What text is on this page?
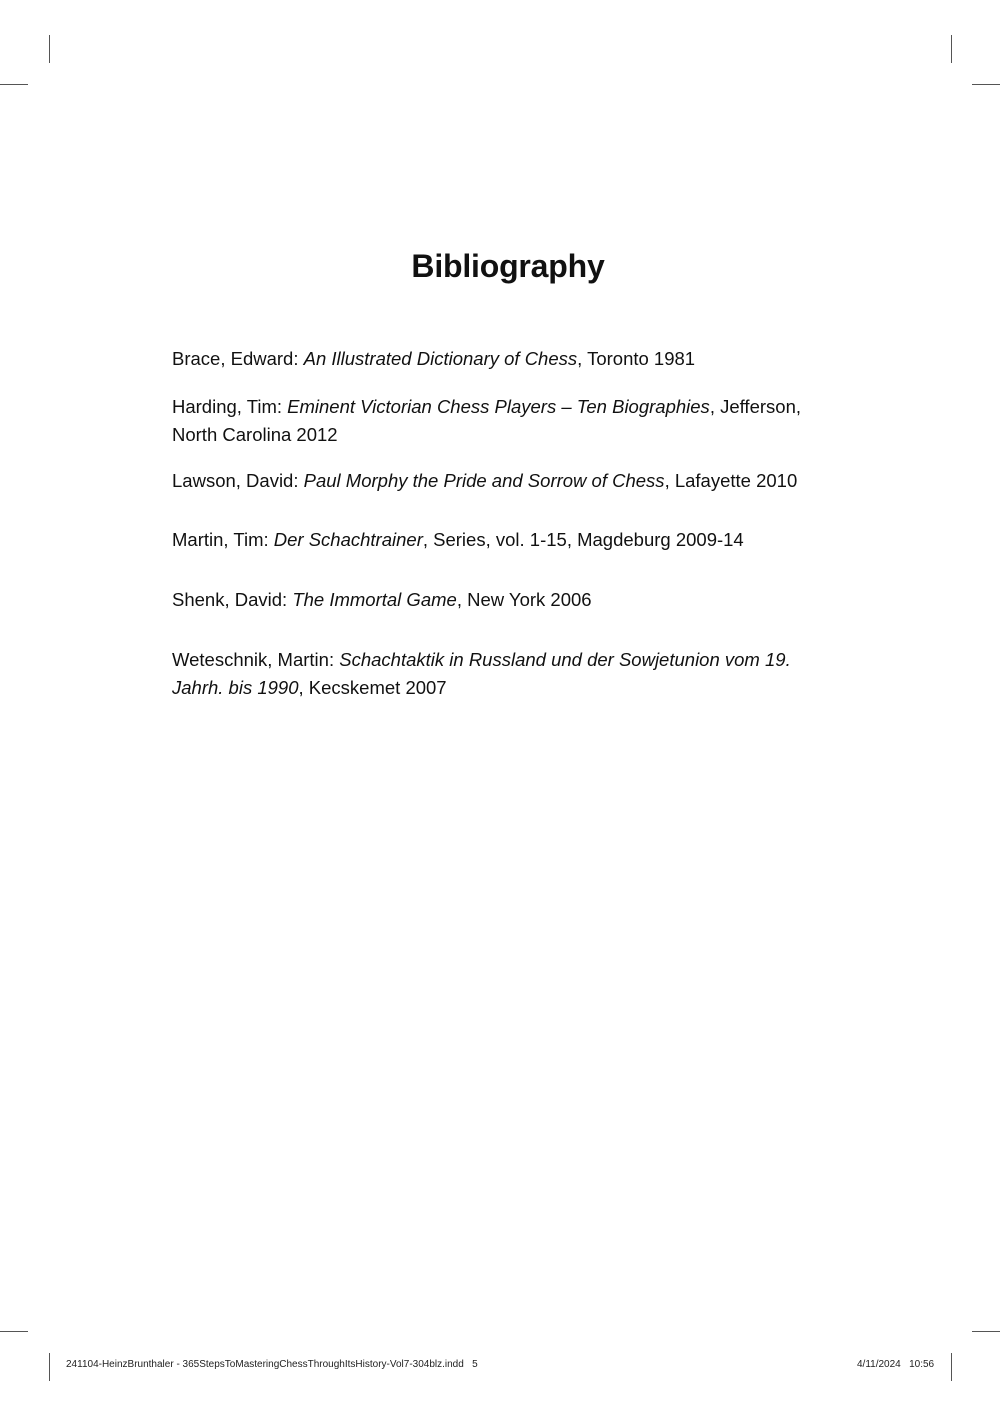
Bibliography

Brace, Edward: An Illustrated Dictionary of Chess, Toronto 1981

Harding, Tim: Eminent Victorian Chess Players – Ten Biographies, Jefferson, North Carolina 2012

Lawson, David: Paul Morphy the Pride and Sorrow of Chess, Lafayette 2010

Martin, Tim: Der Schachtrainer, Series, vol. 1-15, Magdeburg 2009-14

Shenk, David: The Immortal Game, New York 2006

Weteschnik, Martin: Schachtaktik in Russland und der Sowjetunion vom 19. Jahrh. bis 1990, Kecskemet 2007

241104-HeinzBrunthaler - 365StepsToMasteringChessThroughItsHistory-Vol7-304blz.indd   5	4/11/2024   10:56
